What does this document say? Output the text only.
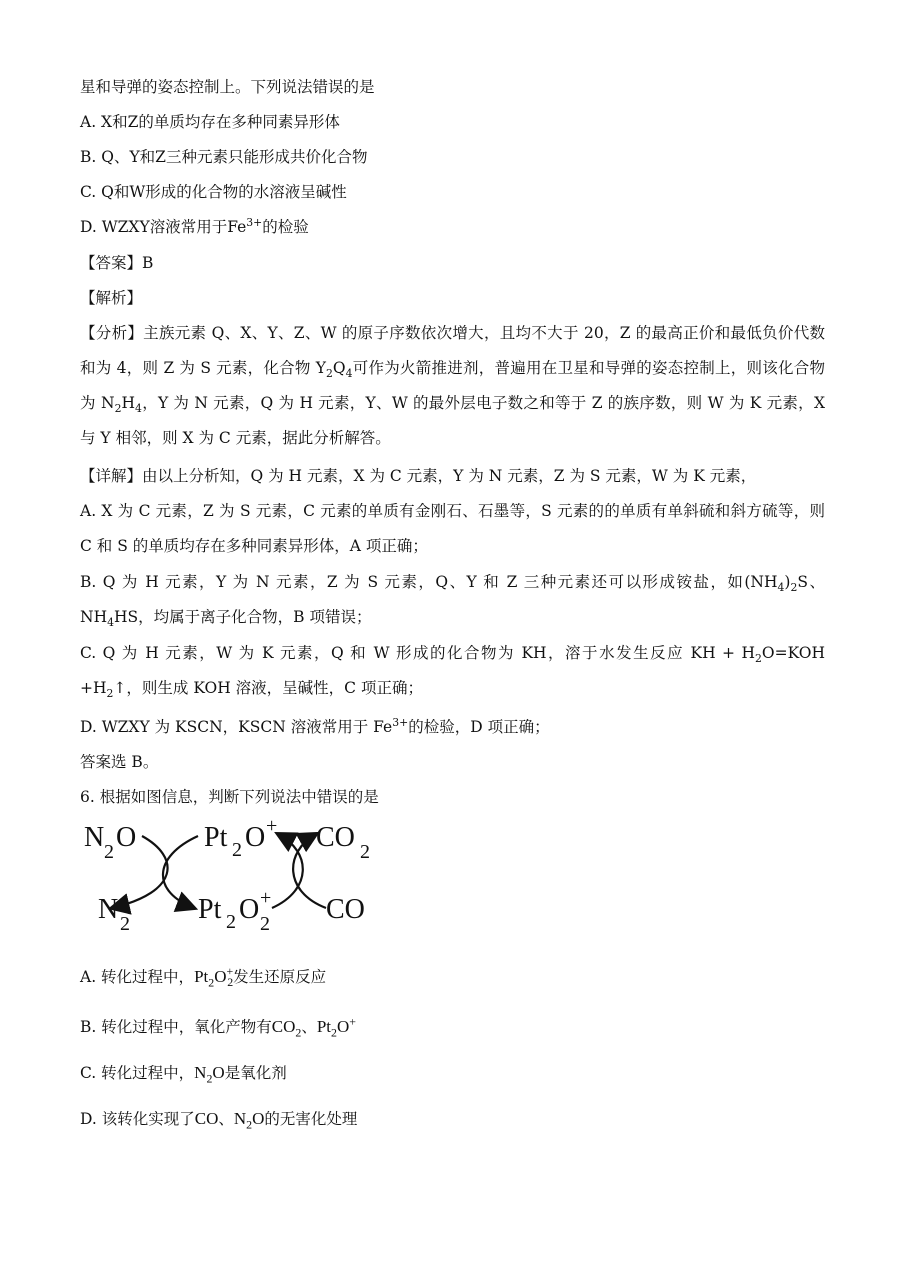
星和导弹的姿态控制上。下列说法错误的是
A. X和Z的单质均存在多种同素异形体
B. Q、Y和Z三种元素只能形成共价化合物
C. Q和W形成的化合物的水溶液呈碱性
D. WZXY溶液常用于$Fe^{3+}$的检验
【答案】B
【解析】
【分析】主族元素 Q、X、Y、Z、W 的原子序数依次增大，且均不大于 20，Z 的最高正价和最低负价代数和为 4，则 Z 为 S 元素，化合物 $Y_2Q_4$可作为火箭推进剂，普遍用在卫星和导弹的姿态控制上，则该化合物为 $N_2H_4$，Y 为 N 元素，Q 为 H 元素，Y、W 的最外层电子数之和等于 Z 的族序数，则 W 为 K 元素，X 与 Y 相邻，则 X 为 C 元素，据此分析解答。
【详解】由以上分析知，Q 为 H 元素，X 为 C 元素，Y 为 N 元素，Z 为 S 元素，W 为 K 元素，
A. X 为 C 元素，Z 为 S 元素，C 元素的单质有金刚石、石墨等，S 元素的的单质有单斜硫和斜方硫等，则 C 和 S 的单质均存在多种同素异形体，A 项正确；
B. Q 为 H 元素，Y 为 N 元素，Z 为 S 元素，Q、Y 和 Z 三种元素还可以形成铵盐，如$(NH_4)_2S$、$NH_4HS$，均属于离子化合物，B 项错误；
C. Q 为 H 元素，W 为 K 元素，Q 和 W 形成的化合物为 KH，溶于水发生反应 KH + $H_2O=KOH$ $+H_2↑$，则生成 KOH 溶液，呈碱性，C 项正确；
D. WZXY 为 KSCN，KSCN 溶液常用于 $Fe^{3+}$的检验，D 项正确；
答案选 B。
6. 根据如图信息，判断下列说法中错误的是
N 2 O Pt 2 O + CO 2
N 2 Pt 2 O +
2 CO
A. 转化过程中，$Pt_2O^+_2$发生还原反应
B. 转化过程中，氧化产物有$CO_2$、$Pt_2O^+$
C. 转化过程中，$N_2O$是氧化剂
D. 该转化实现了CO、$N_2O$的无害化处理
